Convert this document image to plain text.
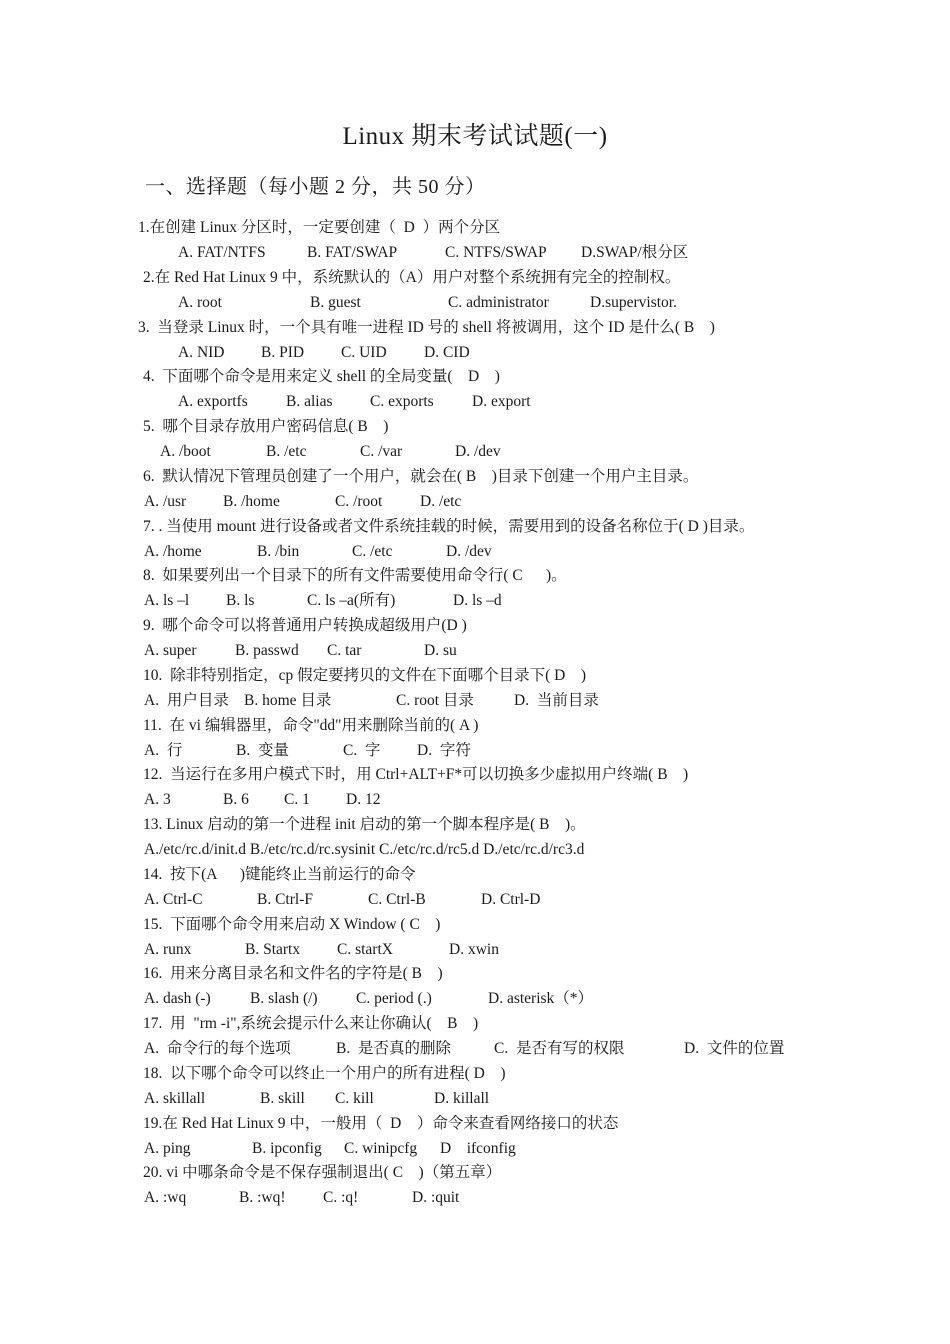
Linux 期末考试试题(一)
一、选择题（每小题 2 分，共 50 分）
1.在创建 Linux 分区时，一定要创建（  D  ）两个分区
A. FAT/NTFS	B. FAT/SWAP	C. NTFS/SWAP D.SWAP/根分区
2.在 Red Hat Linux 9 中，系统默认的（A）用户对整个系统拥有完全的控制权。
A. root	B. guest	C. administrator	D.supervistor.
3.  当登录 Linux 时，一个具有唯一进程 ID 号的 shell 将被调用，这个 ID 是什么( B    )
A. NID B. PID C. UID D. CID
4.  下面哪个命令是用来定义 shell 的全局变量(    D    )
A. exportfs B. alias C. exports D. export
5.  哪个目录存放用户密码信息( B    )
A. /boot	B. /etc	C. /var	D. /dev
6.  默认情况下管理员创建了一个用户，就会在( B    )目录下创建一个用户主目录。
A. /usr B. /home	C. /root D. /etc
7. . 当使用 mount 进行设备或者文件系统挂载的时候，需要用到的设备名称位于( D )目录。
A. /home	B. /bin	C. /etc	D. /dev
8.  如果要列出一个目录下的所有文件需要使用命令行( C      )。
A. ls –l B. ls	C. ls –a(所有)	D. ls –d
9.  哪个命令可以将普通用户转换成超级用户(D )
A. super B. passwd C. tar	D. su
10.  除非特别指定，cp 假定要拷贝的文件在下面哪个目录下( D    )
A.  用户目录 B. home 目录	C. root 目录	D.  当前目录
11.  在 vi 编辑器里，命令"dd"用来删除当前的( A )
A.  行	B.  变量	C.  字 D.  字符
12.  当运行在多用户模式下时，用 Ctrl+ALT+F*可以切换多少虚拟用户终端( B    )
A. 3	B. 6 C. 1 D. 12
13. Linux 启动的第一个进程 init 启动的第一个脚本程序是( B    )。
A./etc/rc.d/init.d B./etc/rc.d/rc.sysinit C./etc/rc.d/rc5.d D./etc/rc.d/rc3.d
14.  按下(A      )键能终止当前运行的命令
A. Ctrl-C	B. Ctrl-F	C. Ctrl-B	D. Ctrl-D
15.  下面哪个命令用来启动 X Window ( C    )
A. runx	B. Startx C. startX	D. xwin
16.  用来分离目录名和文件名的字符是( B    )
A. dash (-)	B. slash (/) C. period (.)	D. asterisk（*）
17.  用  "rm -i",系统会提示什么来让你确认(    B    )
A.  命令行的每个选项	B.  是否真的删除	C.  是否有写的权限	D.  文件的位置
18.  以下哪个命令可以终止一个用户的所有进程( D    )
A. skillall	B. skill C. kill	D. killall
19.在 Red Hat Linux 9 中，一般用（  D    ）命令来查看网络接口的状态
A. ping	B. ipconfig C. winipcfg D    ifconfig
20. vi 中哪条命令是不保存强制退出( C    )（第五章）
A. :wq	B. :wq! C. :q!	D. :quit
